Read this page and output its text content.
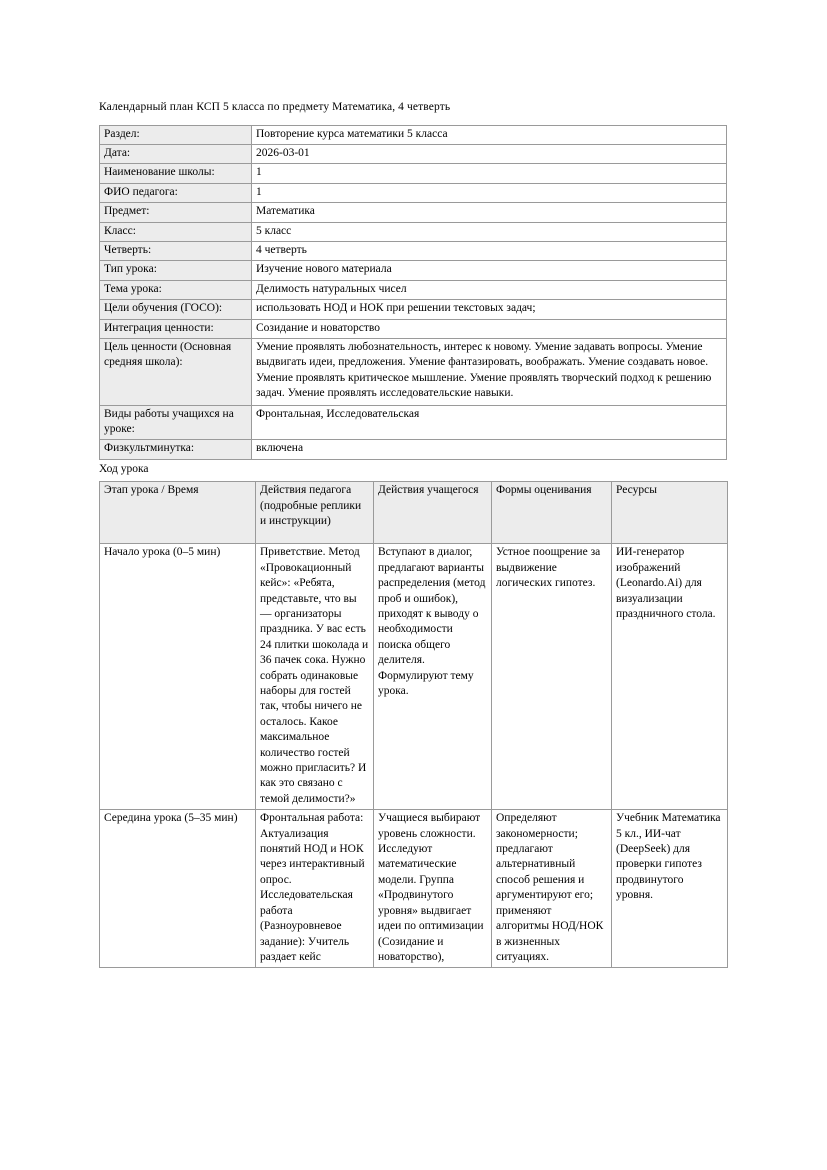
Календарный план КСП 5 класса по предмету Математика, 4 четверть

Раздел:	Повторение курса математики 5 класса
Дата:	2026-03-01
Наименование школы:	1
ФИО педагога:	1
Предмет:	Математика
Класс:	5 класс
Четверть:	4 четверть
Тип урока:	Изучение нового материала
Тема урока:	Делимость натуральных чисел
Цели обучения (ГОСО):	использовать НОД и НОК при решении текстовых задач;
Интеграция ценности:	Созидание и новаторство
Цель ценности (Основная средняя школа):	Умение проявлять любознательность, интерес к новому. Умение задавать вопросы. Умение выдвигать идеи, предложения. Умение фантазировать, воображать. Умение создавать новое. Умение проявлять критическое мышление. Умение проявлять творческий подход к решению задач. Умение проявлять исследовательские навыки.
Виды работы учащихся на уроке:	Фронтальная, Исследовательская
Физкультминутка:	включена

Ход урока

Этап урока / Время	Действия педагога (подробные реплики и инструкции)	Действия учащегося	Формы оценивания	Ресурсы
Начало урока (0–5 мин)	Приветствие. Метод «Провокационный кейс»: «Ребята, представьте, что вы — организаторы праздника. У вас есть 24 плитки шоколада и 36 пачек сока. Нужно собрать одинаковые наборы для гостей так, чтобы ничего не осталось. Какое максимальное количество гостей можно пригласить? И как это связано с темой делимости?»	Вступают в диалог, предлагают варианты распределения (метод проб и ошибок), приходят к выводу о необходимости поиска общего делителя. Формулируют тему урока.	Устное поощрение за выдвижение логических гипотез.	ИИ-генератор изображений (Leonardo.Ai) для визуализации праздничного стола.
Середина урока (5–35 мин)	Фронтальная работа: Актуализация понятий НОД и НОК через интерактивный опрос. Исследовательская работа (Разноуровневое задание): Учитель раздает кейс	Учащиеся выбирают уровень сложности. Исследуют математические модели. Группа «Продвинутого уровня» выдвигает идеи по оптимизации (Созидание и новаторство),	Определяют закономерности; предлагают альтернативный способ решения и аргументируют его; применяют алгоритмы НОД/НОК в жизненных ситуациях.	Учебник Математика 5 кл., ИИ-чат (DeepSeek) для проверки гипотез продвинутого уровня.
